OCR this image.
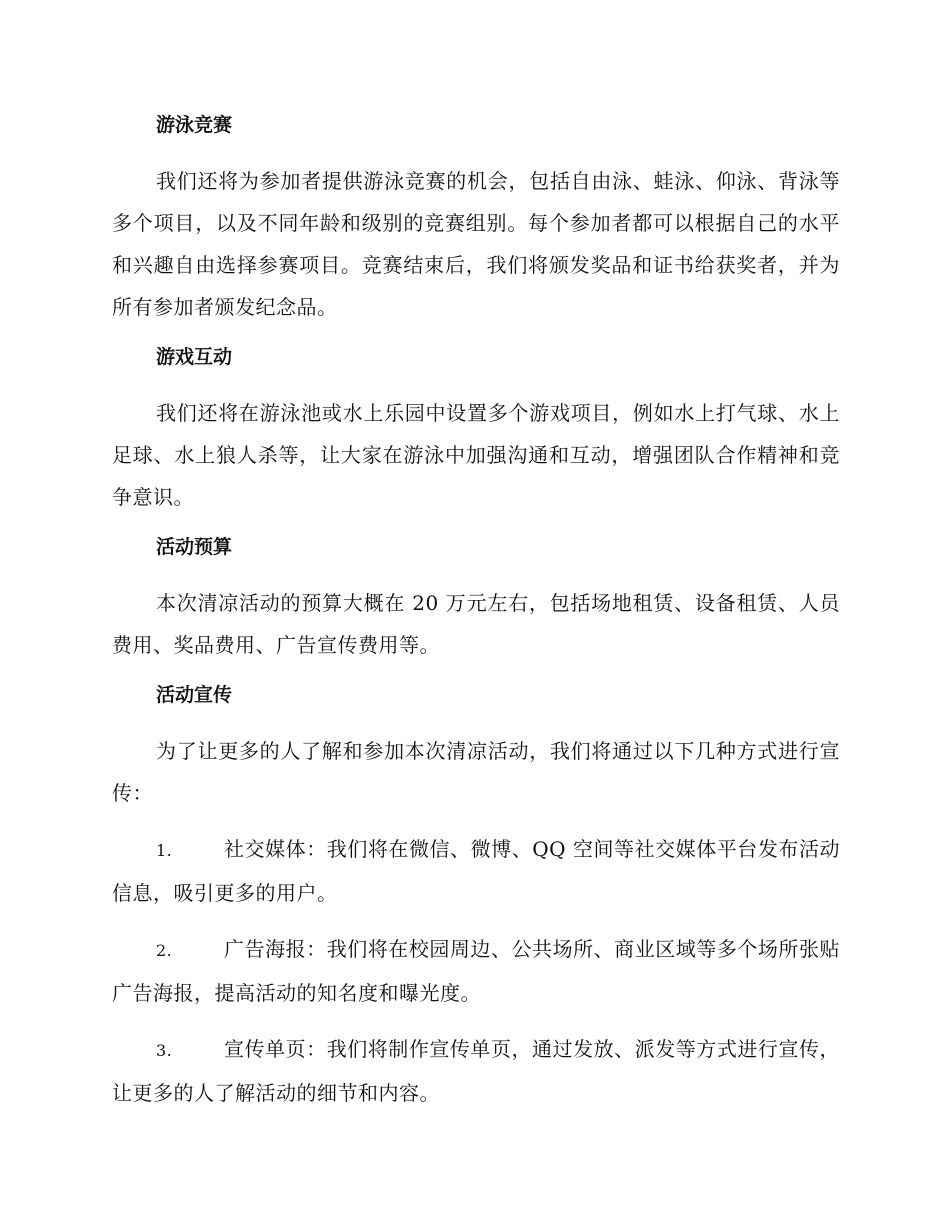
游泳竞赛

我们还将为参加者提供游泳竞赛的机会，包括自由泳、蛙泳、仰泳、背泳等多个项目，以及不同年龄和级别的竞赛组别。每个参加者都可以根据自己的水平和兴趣自由选择参赛项目。竞赛结束后，我们将颁发奖品和证书给获奖者，并为所有参加者颁发纪念品。

游戏互动

我们还将在游泳池或水上乐园中设置多个游戏项目，例如水上打气球、水上足球、水上狼人杀等，让大家在游泳中加强沟通和互动，增强团队合作精神和竞争意识。

活动预算

本次清凉活动的预算大概在 20 万元左右，包括场地租赁、设备租赁、人员费用、奖品费用、广告宣传费用等。

活动宣传

为了让更多的人了解和参加本次清凉活动，我们将通过以下几种方式进行宣传：

1.	社交媒体：我们将在微信、微博、QQ 空间等社交媒体平台发布活动信息，吸引更多的用户。

2.	广告海报：我们将在校园周边、公共场所、商业区域等多个场所张贴广告海报，提高活动的知名度和曝光度。

3.	宣传单页：我们将制作宣传单页，通过发放、派发等方式进行宣传，让更多的人了解活动的细节和内容。
